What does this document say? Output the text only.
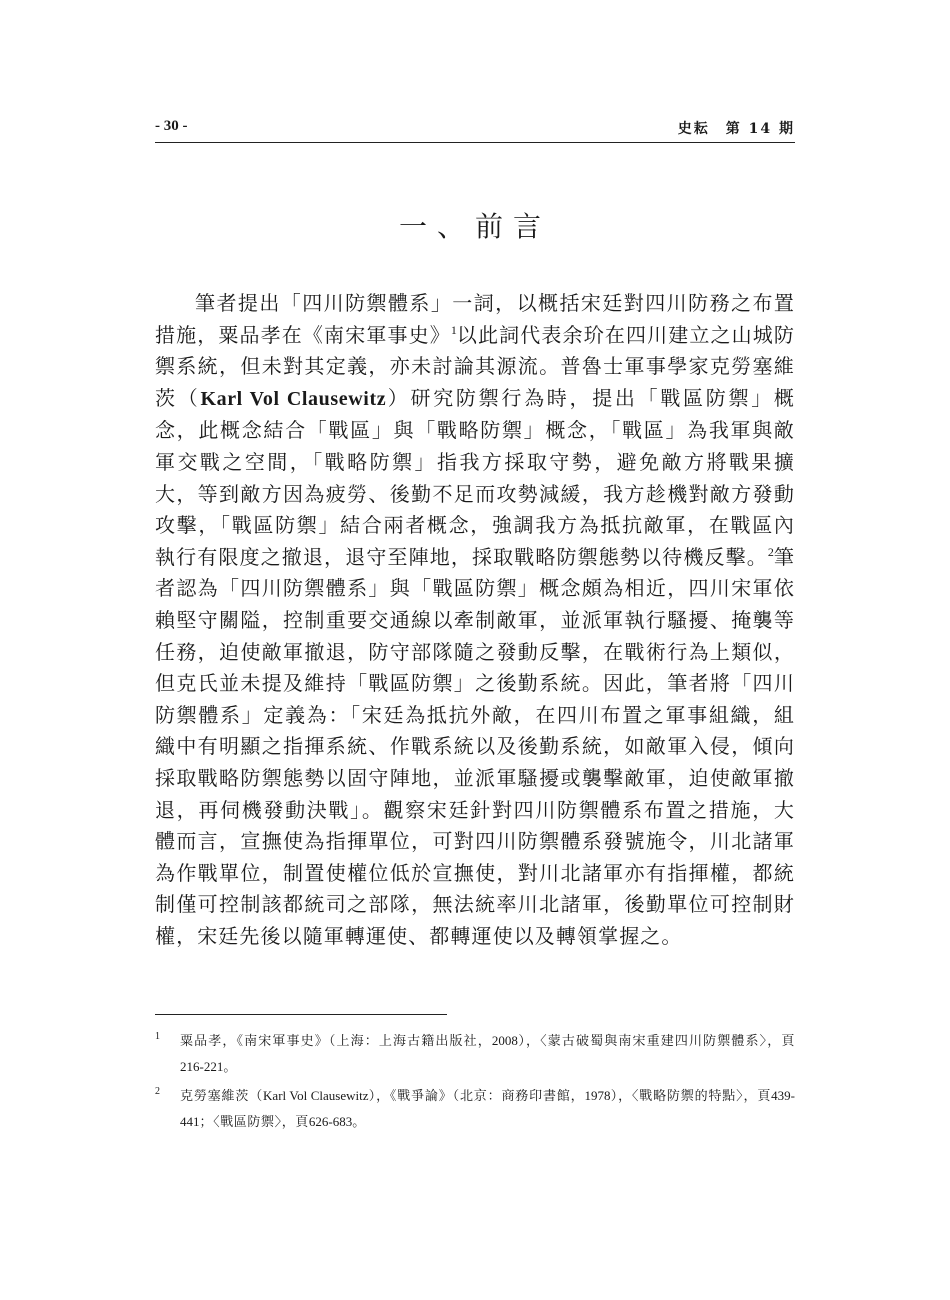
- 30 -	史耘　第 14 期
一、前言

筆者提出「四川防禦體系」一詞，以概括宋廷對四川防務之布置措施，粟品孝在《南宋軍事史》$^1$以此詞代表余玠在四川建立之山城防禦系統，但未對其定義，亦未討論其源流。普魯士軍事學家克勞塞維茨（Karl Vol Clausewitz）研究防禦行為時，提出「戰區防禦」概念，此概念結合「戰區」與「戰略防禦」概念，「戰區」為我軍與敵軍交戰之空間，「戰略防禦」指我方採取守勢，避免敵方將戰果擴大，等到敵方因為疲勞、後勤不足而攻勢減緩，我方趁機對敵方發動攻擊，「戰區防禦」結合兩者概念，強調我方為抵抗敵軍，在戰區內執行有限度之撤退，退守至陣地，採取戰略防禦態勢以待機反擊。$^2$筆者認為「四川防禦體系」與「戰區防禦」概念頗為相近，四川宋軍依賴堅守關隘，控制重要交通線以牽制敵軍，並派軍執行騷擾、掩襲等任務，迫使敵軍撤退，防守部隊隨之發動反擊，在戰術行為上類似，但克氏並未提及維持「戰區防禦」之後勤系統。因此，筆者將「四川防禦體系」定義為：「宋廷為抵抗外敵，在四川布置之軍事組織，組織中有明顯之指揮系統、作戰系統以及後勤系統，如敵軍入侵，傾向採取戰略防禦態勢以固守陣地，並派軍騷擾或襲擊敵軍，迫使敵軍撤退，再伺機發動決戰」。觀察宋廷針對四川防禦體系布置之措施，大體而言，宣撫使為指揮單位，可對四川防禦體系發號施令，川北諸軍為作戰單位，制置使權位低於宣撫使，對川北諸軍亦有指揮權，都統制僅可控制該都統司之部隊，無法統率川北諸軍，後勤單位可控制財權，宋廷先後以隨軍轉運使、都轉運使以及轉領掌握之。

1 粟品孝，《南宋軍事史》（上海：上海古籍出版社，2008），〈蒙古破蜀與南宋重建四川防禦體系〉，頁216-221。
2 克勞塞維茨（Karl Vol Clausewitz），《戰爭論》（北京：商務印書館，1978），〈戰略防禦的特點〉，頁439-441；〈戰區防禦〉，頁626-683。
